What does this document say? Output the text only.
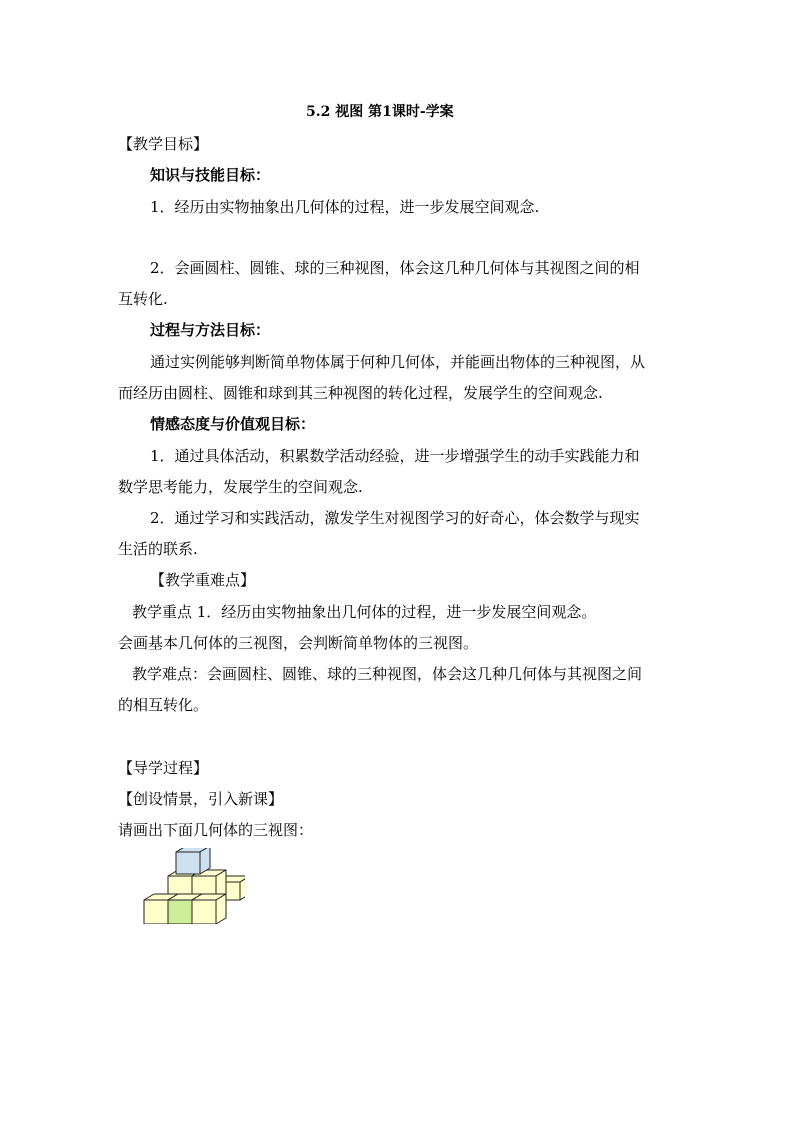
5.2 视图 第1课时-学案
【教学目标】
知识与技能目标：
1．经历由实物抽象出几何体的过程，进一步发展空间观念.
2．会画圆柱、圆锥、球的三种视图，体会这几种几何体与其视图之间的相
互转化.
过程与方法目标：
通过实例能够判断简单物体属于何种几何体，并能画出物体的三种视图，从
而经历由圆柱、圆锥和球到其三种视图的转化过程，发展学生的空间观念.
情感态度与价值观目标：
1．通过具体活动，积累数学活动经验，进一步增强学生的动手实践能力和
数学思考能力，发展学生的空间观念.
2．通过学习和实践活动，激发学生对视图学习的好奇心，体会数学与现实
生活的联系.
【教学重难点】
教学重点 1．经历由实物抽象出几何体的过程，进一步发展空间观念。
会画基本几何体的三视图，会判断简单物体的三视图。
教学难点：会画圆柱、圆锥、球的三种视图，体会这几种几何体与其视图之间
的相互转化。
【导学过程】
【创设情景，引入新课】
请画出下面几何体的三视图：
